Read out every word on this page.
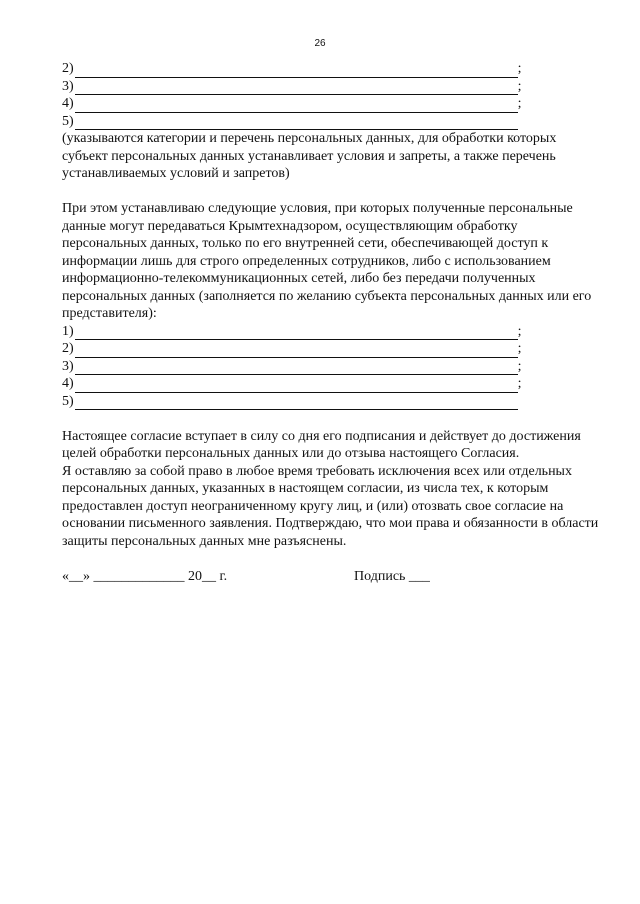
26
2)	;
3)	;
4)	;
5)

(указываются категории и перечень персональных данных, для обработки которых субъект персональных данных устанавливает условия и запреты, а также перечень устанавливаемых условий и запретов)

При этом устанавливаю следующие условия, при которых полученные персональные данные могут передаваться Крымтехнадзором, осуществляющим обработку персональных данных, только по его внутренней сети, обеспечивающей доступ к информации лишь для строго определенных сотрудников, либо с использованием информационно-телекоммуникационных сетей, либо без передачи полученных персональных данных (заполняется по желанию субъекта персональных данных или его представителя):

1)	;
2)	;
3)	;
4)	;
5)

Настоящее согласие вступает в силу со дня его подписания и действует до достижения целей обработки персональных данных или до отзыва настоящего Согласия.

Я оставляю за собой право в любое время требовать исключения всех или отдельных персональных данных, указанных в настоящем согласии, из числа тех, к которым предоставлен доступ неограниченному кругу лиц, и (или) отозвать свое согласие на основании письменного заявления. Подтверждаю, что мои права и обязанности в области защиты персональных данных мне разъяснены.

«__» _____________ 20__ г.	Подпись ___
